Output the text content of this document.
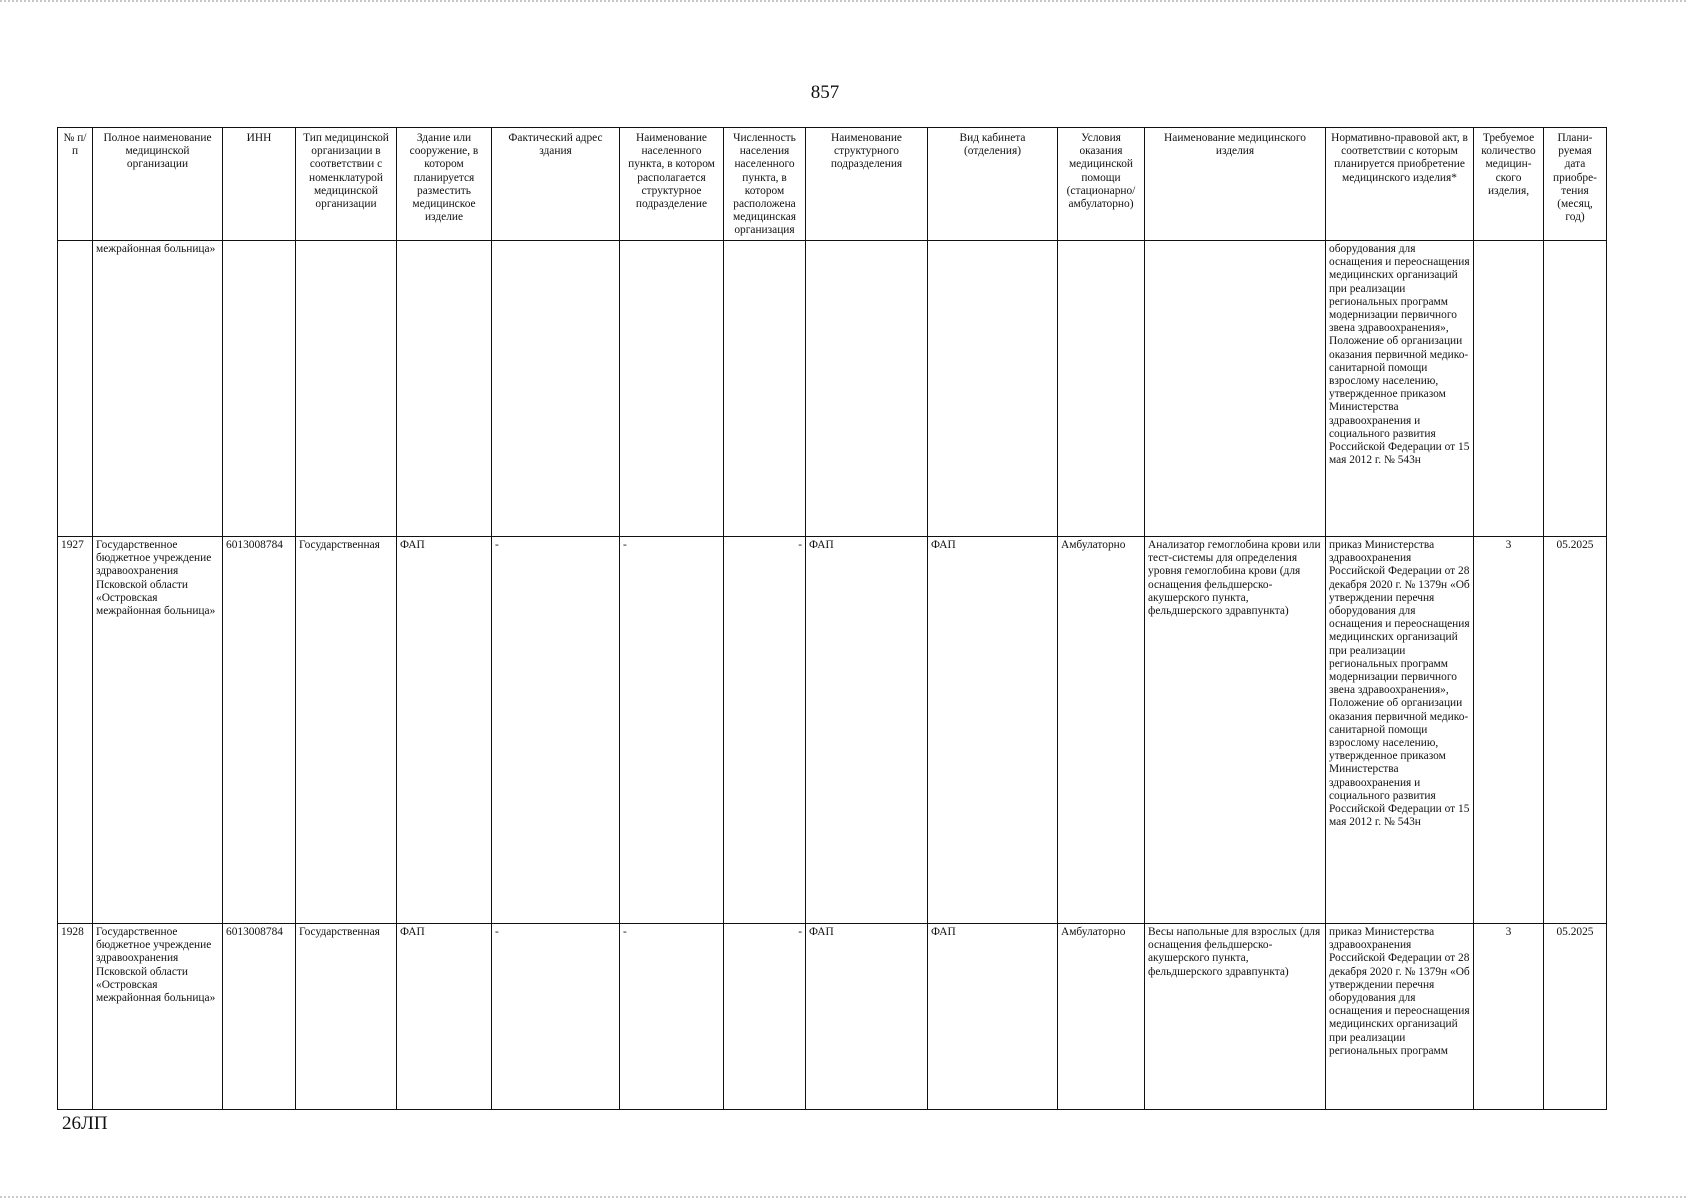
857
№ п/п	Полное наименование медицинской организации	ИНН	Тип медицинской организации в соответствии с номенклатурой медицинской организации	Здание или сооружение, в котором планируется разместить медицинское изделие	Фактический адрес здания	Наименование населенного пункта, в котором располагается структурное подразделение	Численность населения населенного пункта, в котором расположена медицинская организация	Наименование структурного подразделения	Вид кабинета (отделения)	Условия оказания медицинской помощи (стационарно/ амбулаторно)	Наименование медицинского изделия	Нормативно-правовой акт, в соответствии с которым планируется приобретение медицинского изделия*	Требуемое количество медицин-ского изделия,	Плани-руемая дата приобре-тения (месяц, год)
	межрайонная больница»											оборудования для оснащения и переоснащения медицинских организаций при реализации региональных программ модернизации первичного звена здравоохранения», Положение об организации оказания первичной медико-санитарной помощи взрослому населению, утвержденное приказом Министерства здравоохранения и социального развития Российской Федерации от 15 мая 2012 г. № 543н		
1927	Государственное бюджетное учреждение здравоохранения Псковской области «Островская межрайонная больница»	6013008784	Государственная	ФАП	-	-	-	ФАП	ФАП	Амбулаторно	Анализатор гемоглобина крови или тест-системы для определения уровня гемоглобина крови (для оснащения фельдшерско-акушерского пункта, фельдшерского здравпункта)	приказ Министерства здравоохранения Российской Федерации от 28 декабря 2020 г. № 1379н «Об утверждении перечня оборудования для оснащения и переоснащения медицинских организаций при реализации региональных программ модернизации первичного звена здравоохранения», Положение об организации оказания первичной медико-санитарной помощи взрослому населению, утвержденное приказом Министерства здравоохранения и социального развития Российской Федерации от 15 мая 2012 г. № 543н	3	05.2025
1928	Государственное бюджетное учреждение здравоохранения Псковской области «Островская межрайонная больница»	6013008784	Государственная	ФАП	-	-	-	ФАП	ФАП	Амбулаторно	Весы напольные для взрослых (для оснащения фельдшерско-акушерского пункта, фельдшерского здравпункта)	приказ Министерства здравоохранения Российской Федерации от 28 декабря 2020 г. № 1379н «Об утверждении перечня оборудования для оснащения и переоснащения медицинских организаций при реализации региональных программ	3	05.2025
26ЛП
